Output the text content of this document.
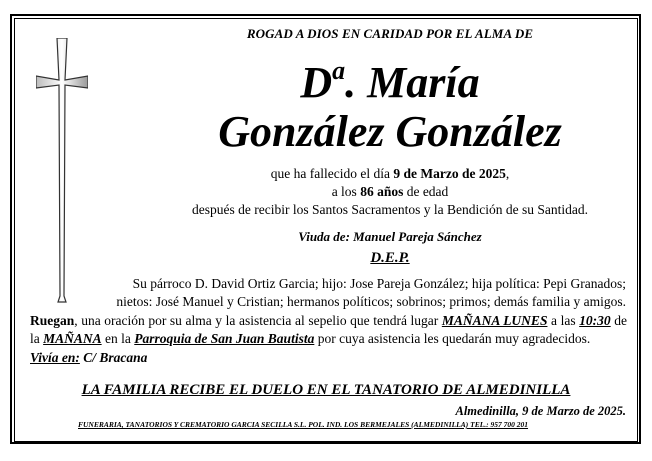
ROGAD A DIOS EN CARIDAD POR EL ALMA DE
$D^a$. María
González González
que ha fallecido el día 9 de Marzo de 2025,
a los 86 años de edad
después de recibir los Santos Sacramentos y la Bendición de su Santidad.
Viuda de: Manuel Pareja Sánchez
D.E.P.
Su párroco D. David Ortiz Garcia; hijo: Jose Pareja González; hija política: Pepi Granados;
nietos: José Manuel y Cristian; hermanos políticos; sobrinos; primos; demás familia y amigos.
Ruegan, una oración por su alma y la asistencia al sepelio que tendrá lugar MAÑANA LUNES a las 10:30 de la MAÑANA en la Parroquia de San Juan Bautista por cuya asistencia les quedarán muy agradecidos.
Vivía en: C/ Bracana
LA FAMILIA RECIBE EL DUELO EN EL TANATORIO DE ALMEDINILLA
Almedinilla, 9 de Marzo de 2025.
FUNERARIA, TANATORIOS Y CREMATORIO GARCIA SECILLA S.L. POL. IND. LOS BERMEJALES (ALMEDINILLA) TEL.: 957 700 201
